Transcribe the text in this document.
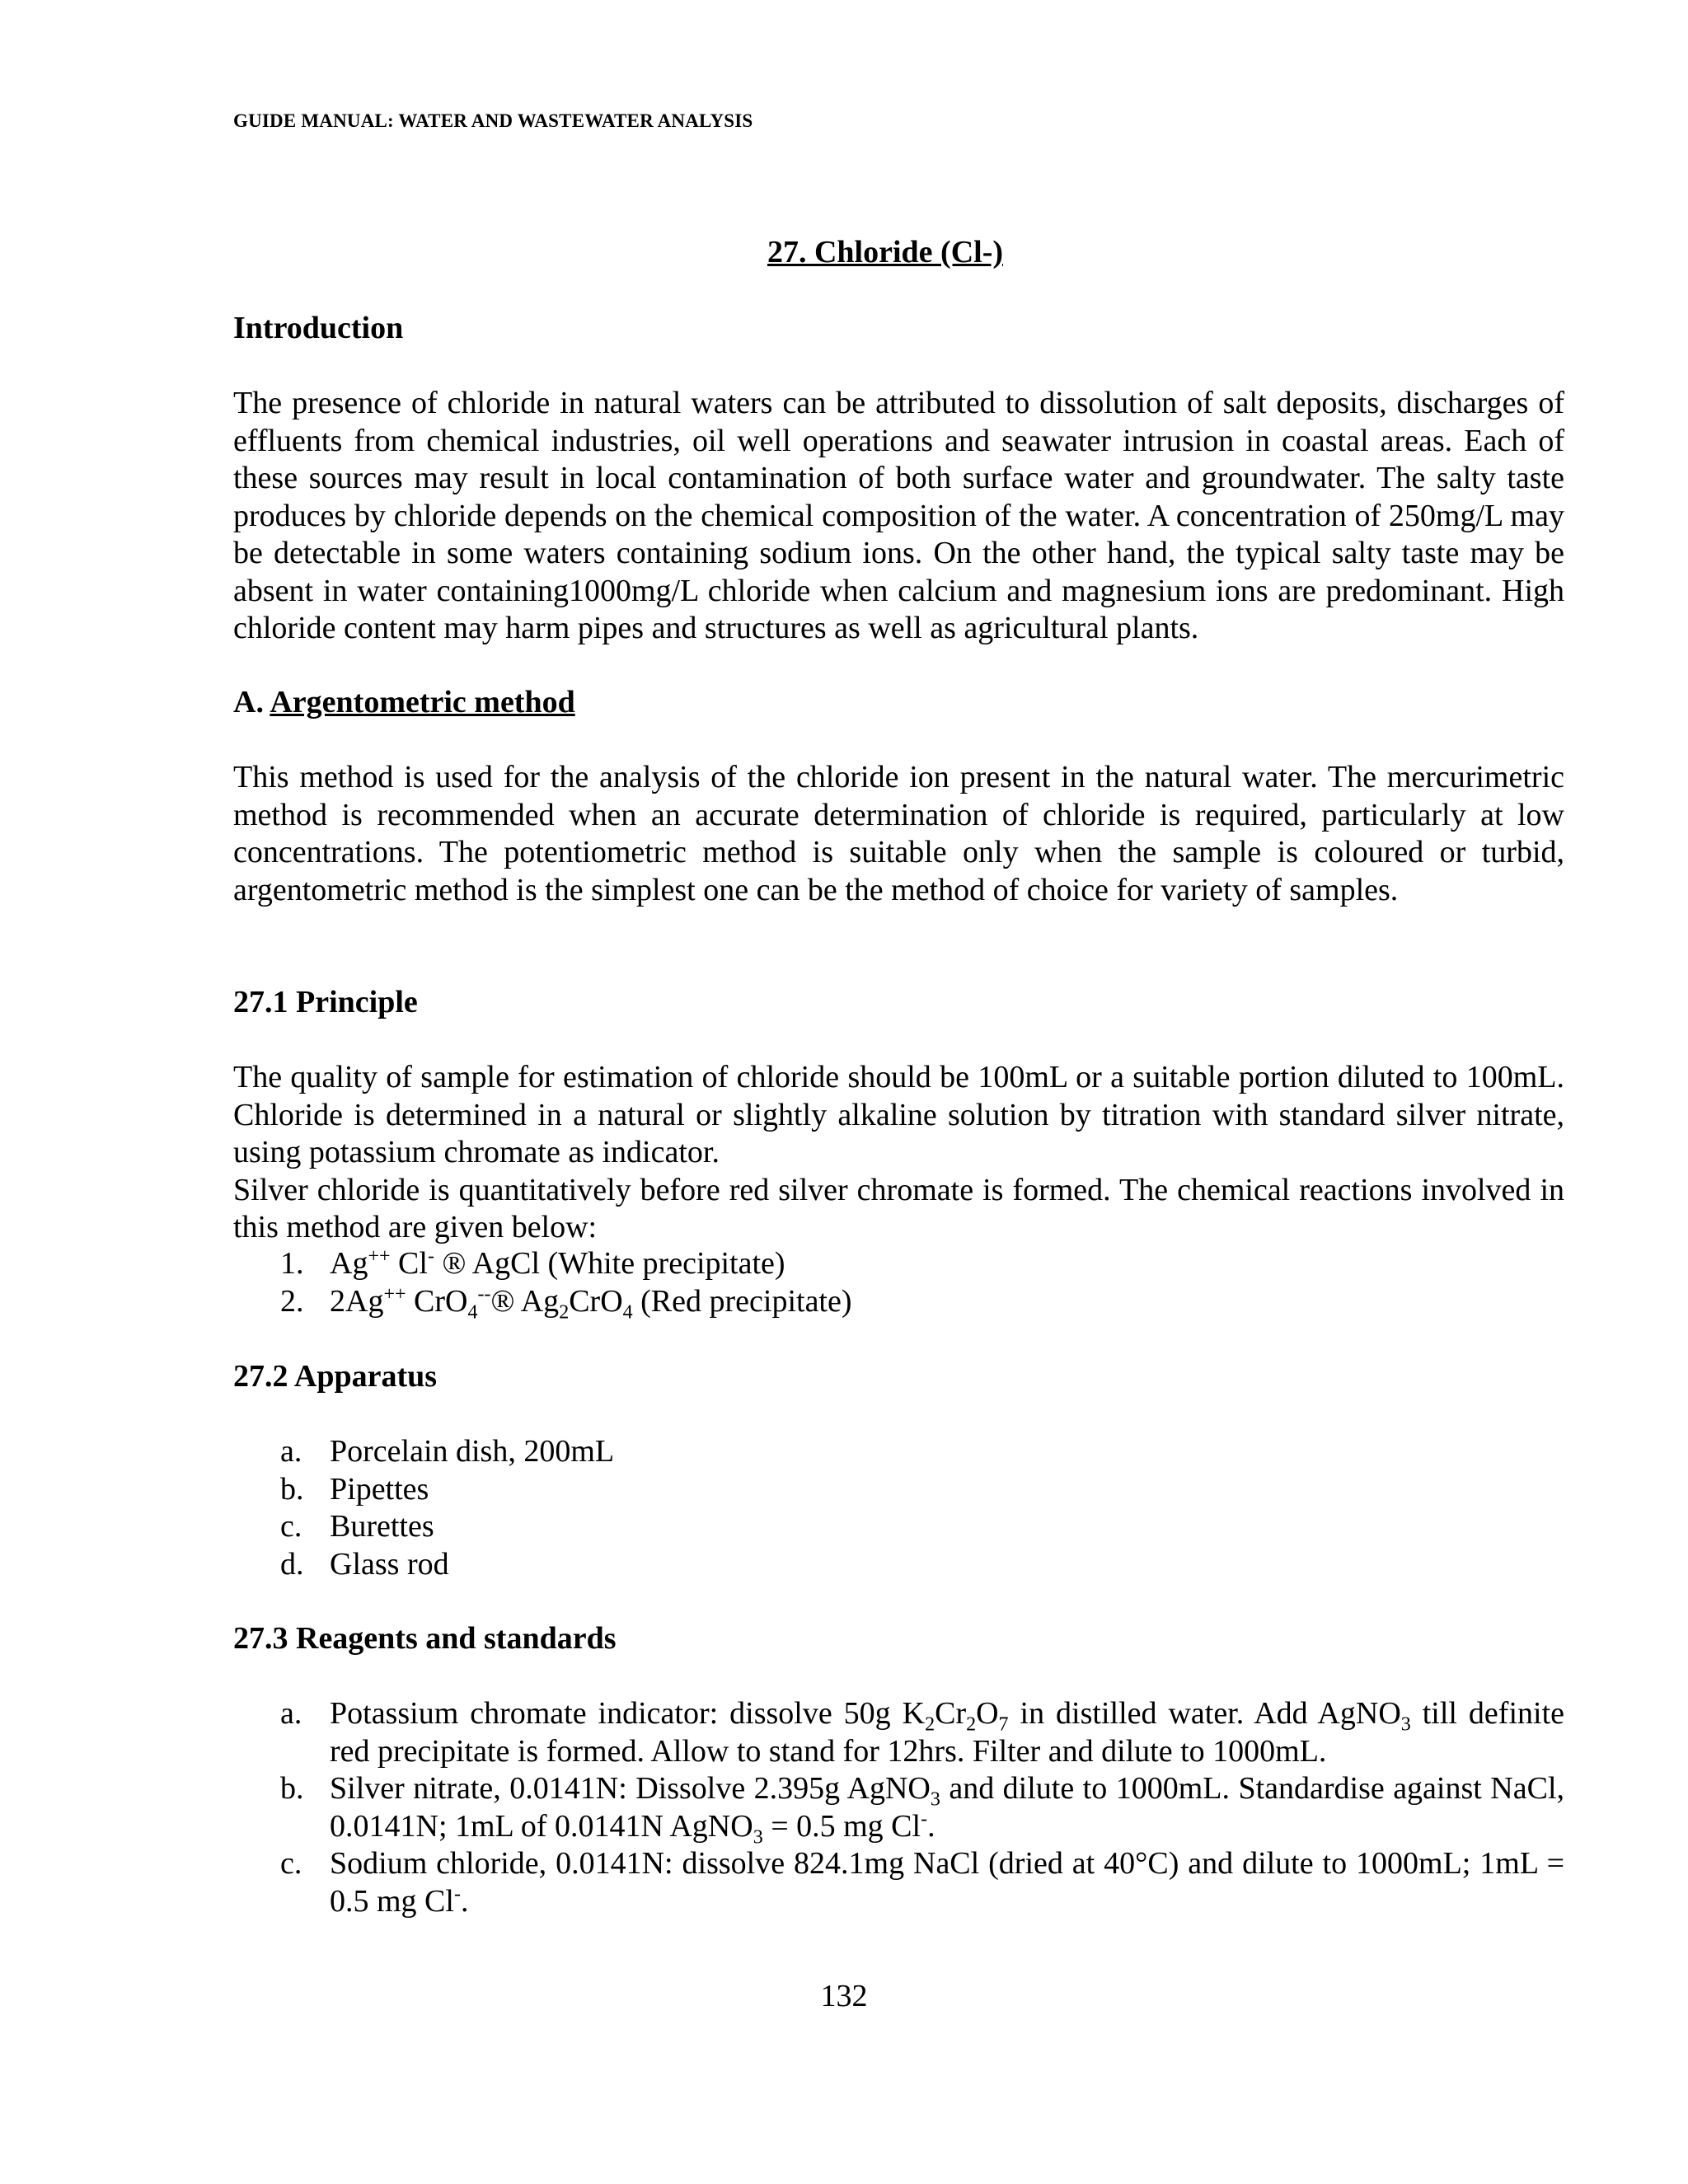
GUIDE MANUAL: WATER AND WASTEWATER ANALYSIS
27. Chloride (Cl-)
Introduction

The presence of chloride in natural waters can be attributed to dissolution of salt deposits, discharges of effluents from chemical industries, oil well operations and seawater intrusion in coastal areas. Each of these sources may result in local contamination of both surface water and groundwater. The salty taste produces by chloride depends on the chemical composition of the water. A concentration of 250mg/L may be detectable in some waters containing sodium ions. On the other hand, the typical salty taste may be absent in water containing1000mg/L chloride when calcium and magnesium ions are predominant. High chloride content may harm pipes and structures as well as agricultural plants.

A. Argentometric method

This method is used for the analysis of the chloride ion present in the natural water. The mercurimetric method is recommended when an accurate determination of chloride is required, particularly at low concentrations. The potentiometric method is suitable only when the sample is coloured or turbid, argentometric method is the simplest one can be the method of choice for variety of samples.

27.1 Principle

The quality of sample for estimation of chloride should be 100mL or a suitable portion diluted to 100mL. Chloride is determined in a natural or slightly alkaline solution by titration with standard silver nitrate, using potassium chromate as indicator.

Silver chloride is quantitatively before red silver chromate is formed. The chemical reactions involved in this method are given below:

1. Ag++ Cl- ® AgCl (White precipitate)
2. 2Ag++ CrO$_4$--® $Ag_2CrO_4$ (Red precipitate)
27.2 Apparatus
a. Porcelain dish, 200mL
b. Pipettes
c. Burettes
d. Glass rod
27.3 Reagents and standards
a. Potassium chromate indicator: dissolve 50g $K_2Cr_2O_7$ in distilled water. Add AgNO$_3$ till definite red precipitate is formed. Allow to stand for 12hrs. Filter and dilute to 1000mL.
b. Silver nitrate, 0.0141N: Dissolve 2.395g AgNO$_3$ and dilute to 1000mL. Standardise against NaCl, 0.0141N; 1mL of 0.0141N AgNO$_3$ = 0.5 mg Cl-.
c. Sodium chloride, 0.0141N: dissolve 824.1mg NaCl (dried at 40°C) and dilute to 1000mL; 1mL = 0.5 mg Cl-.
132
